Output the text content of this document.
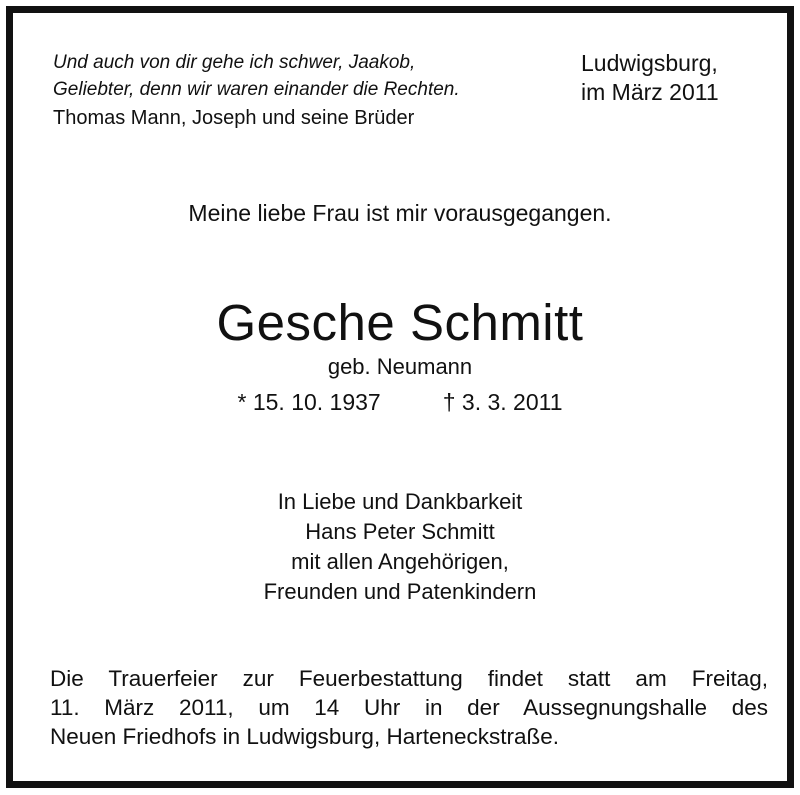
Und auch von dir gehe ich schwer, Jaakob,
Geliebter, denn wir waren einander die Rechten.
Thomas Mann, Joseph und seine Brüder
Ludwigsburg,
im März 2011
Meine liebe Frau ist mir vorausgegangen.
Gesche Schmitt
geb. Neumann
* 15. 10. 1937	† 3. 3. 2011
In Liebe und Dankbarkeit
Hans Peter Schmitt
mit allen Angehörigen,
Freunden und Patenkindern
Die Trauerfeier zur Feuerbestattung findet statt am Freitag,
11. März 2011, um 14 Uhr in der Aussegnungshalle des
Neuen Friedhofs in Ludwigsburg, Harteneckstraße.
